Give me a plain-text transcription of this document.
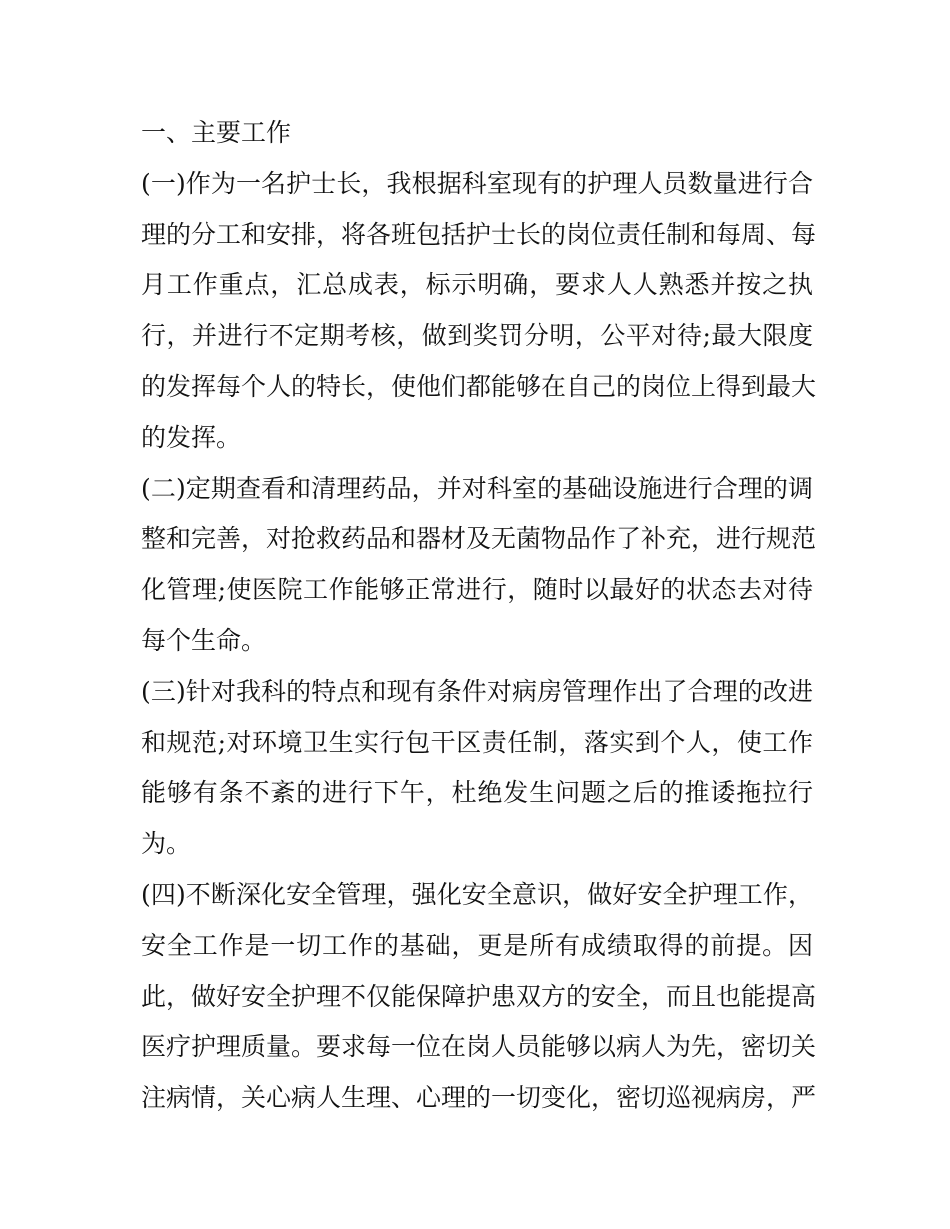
一、主要工作
(一)作为一名护士长，我根据科室现有的护理人员数量进行合
理的分工和安排，将各班包括护士长的岗位责任制和每周、每
月工作重点，汇总成表，标示明确，要求人人熟悉并按之执
行，并进行不定期考核，做到奖罚分明，公平对待;最大限度
的发挥每个人的特长，使他们都能够在自己的岗位上得到最大
的发挥。
(二)定期查看和清理药品，并对科室的基础设施进行合理的调
整和完善，对抢救药品和器材及无菌物品作了补充，进行规范
化管理;使医院工作能够正常进行，随时以最好的状态去对待
每个生命。
(三)针对我科的特点和现有条件对病房管理作出了合理的改进
和规范;对环境卫生实行包干区责任制，落实到个人，使工作
能够有条不紊的进行下午，杜绝发生问题之后的推诿拖拉行
为。
(四)不断深化安全管理，强化安全意识，做好安全护理工作，
安全工作是一切工作的基础，更是所有成绩取得的前提。因
此，做好安全护理不仅能保障护患双方的安全，而且也能提高
医疗护理质量。要求每一位在岗人员能够以病人为先，密切关
注病情，关心病人生理、心理的一切变化，密切巡视病房，严
